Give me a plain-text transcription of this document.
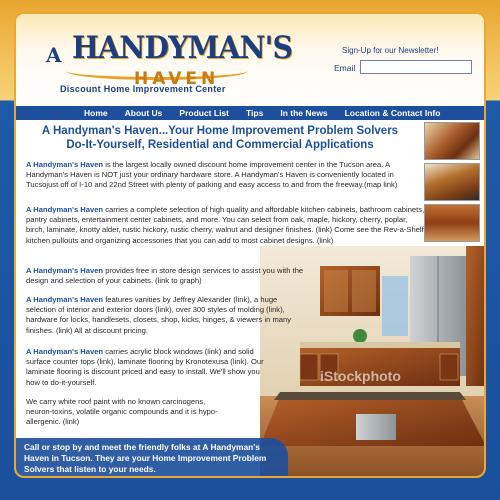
A HANDYMAN'S
HAVEN
Discount Home Improvement Center
Sign-Up for our Newsletter!
Email
Home About Us Product List Tips In the News Location & Contact Info
A Handyman's Haven...Your Home Improvement Problem Solvers
Do-It-Yourself, Residential and Commercial Applications
iStockphoto

A Handyman's Haven is the largest locally owned discount home improvement center in the Tucson area. A Handyman's Haven is NOT just your ordinary hardware store. A Handyman's Haven is conveniently located in Tucsojust off of I-10 and 22nd Street with plenty of parking and easy access to and from the freeway.(map link)

A Handyman's Haven carries a complete selection of high quality and affordable kitchen cabinets, bathroom cabinets, pantry cabinets, entertainment center cabinets, and more. You can select from oak, maple, hickory, cherry, poplar, birch, laminate, knotty alder, rustic hickory, rustic cherry, walnut and designer finishes. (link) Come see the Rev-a-Shelf kitchen pullouts and organizing accessories that you can add to most cabinet designs. (link)

A Handyman's Haven provides free in store design services to assist you with the design and selection of your cabinets. (link to graph)

A Handyman's Haven features vanities by Jeffrey Alexander (link), a huge selection of interior and exterior doors (link), over 300 styles of molding (link), hardware for locks, handlesets, closets, shop, kicks, hinges, & viewers in many finishes. (link) All at discount pricing.

A Handyman's Haven carries acrylic block windows (link) and solid surface counter tops (link), laminate flooring by Kronotexusa (link). Our laminate flooring is discount priced and easy to install. We'll show you how to do-it-yourself.

We carry white roof paint with no known carcinogens, neuron-toxins, volatile organic compounds and it is hypo-allergenic. (link)

Call or stop by and meet the friendly folks at A Handyman's Haven in Tucson. They are your Home Improvement Problem Solvers that listen to your needs.
